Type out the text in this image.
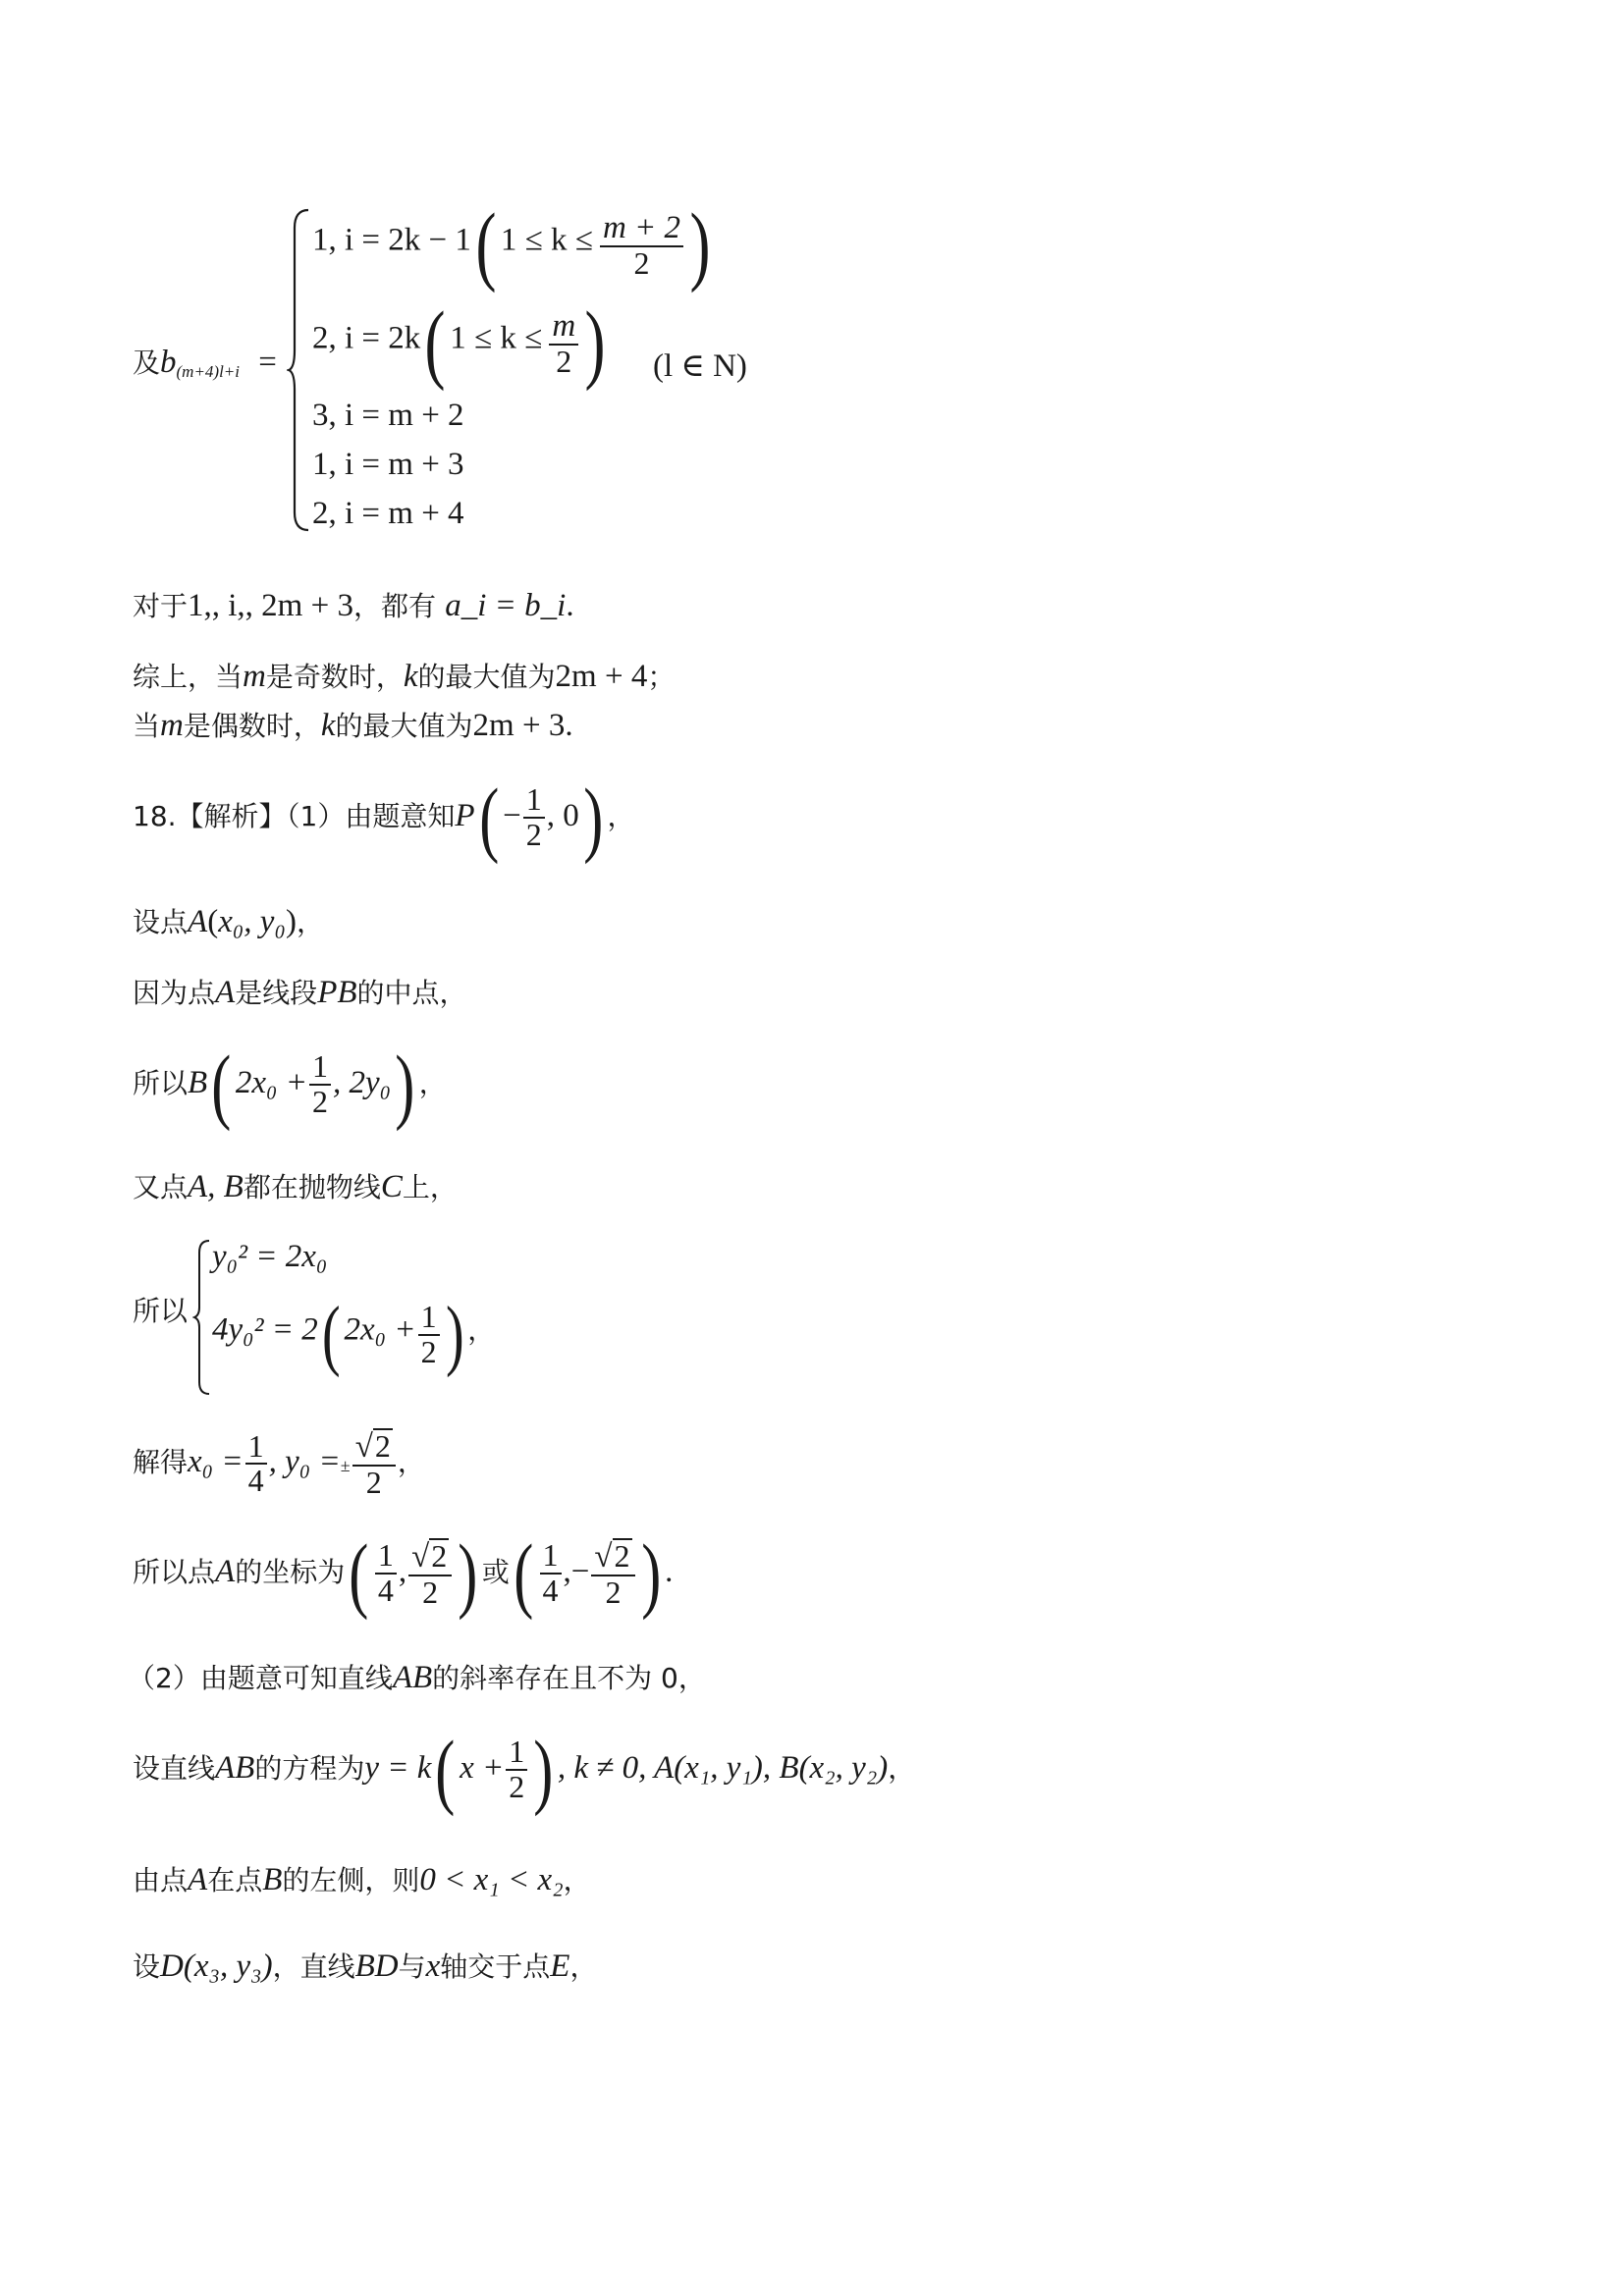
及$b_{(m+4)l+i}$ =
1, i = 2k − 1( $1 \le k \le \frac{m + 2}{2}$ )
2, i = 2k( $1 \le k \le \frac{m}{2}$ )
3, i = m + 2
1, i = m + 3
2, i = m + 4
(l ∈ N)
对于1,, i,, 2m + 3，都有 a_i = b_i.
综上，当m是奇数时，k的最大值为2m + 4；
当m是偶数时，k的最大值为2m + 3.
18.【解析】（1）由题意知$P( - \frac{1}{2}$ , 0) ，
设点A(x₀, y₀)，
因为点A是线段PB的中点，
所以B( $2x_0 + \frac{1}{2}$ , 2y₀) ，
又点A, B都在抛物线C上，
所以
y₀² = 2x₀
4y₀² = 2( $2x_0 + \frac{1}{2}$ ) ，
解得$x_0 = \frac{1}{4}$ , $y_0 =\pm \frac{√2}{2}$ ，
所以点A的坐标为( $\frac{1}{4}$ , $\frac{√2}{2}$ ) 或( $\frac{1}{4}$ ,− $\frac{√2}{2}$ ) .
（2）由题意可知直线AB的斜率存在且不为 0，
设直线AB的方程为y = k( $x + \frac{1}{2}$ ) , k ≠ 0, A(x₁, y₁), B(x₂, y₂)，
由点A在点B的左侧，则0 < x₁ < x₂，
设D(x₃, y₃)，直线BD与x轴交于点E，
